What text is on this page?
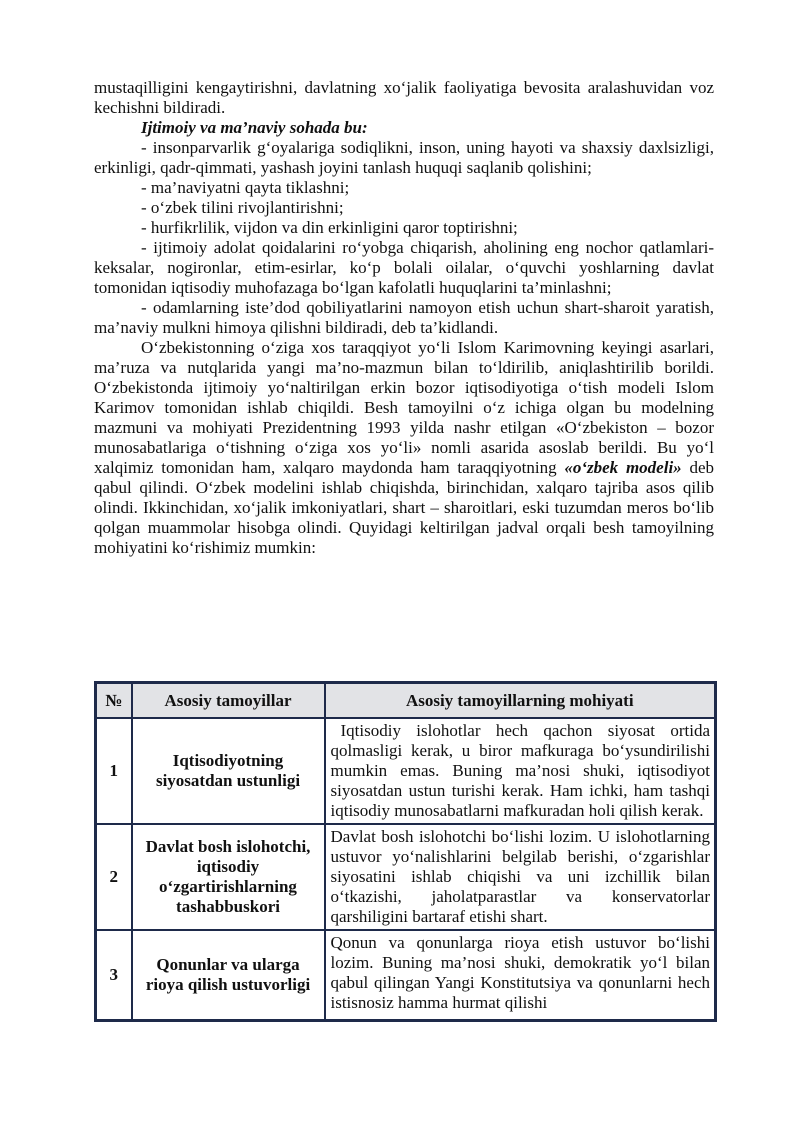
mustaqilligini kengaytirishni, davlatning xo‘jalik faoliyatiga bevosita aralashuvidan voz kechishni bildiradi.

Ijtimoiy va ma’naviy sohada bu:

- insonparvarlik g‘oyalariga sodiqlikni, inson, uning hayoti va shaxsiy daxlsizligi, erkinligi, qadr-qimmati, yashash joyini tanlash huquqi saqlanib qolishini;

- ma’naviyatni qayta tiklashni;

- o‘zbek tilini rivojlantirishni;

- hurfikrlilik, vijdon va din erkinligini qaror toptirishni;

- ijtimoiy adolat qoidalarini ro‘yobga chiqarish, aholining eng nochor qatlamlari-keksalar, nogironlar, etim-esirlar, ko‘p bolali oilalar, o‘quvchi yoshlarning davlat tomonidan iqtisodiy muhofazaga bo‘lgan kafolatli huquqlarini ta’minlashni;

- odamlarning iste’dod qobiliyatlarini namoyon etish uchun shart-sharoit yaratish, ma’naviy mulkni himoya qilishni bildiradi, deb ta’kidlandi.

O‘zbekistonning o‘ziga xos taraqqiyot yo‘li Islom Karimovning keyingi asarlari, ma’ruza va nutqlarida yangi ma’no-mazmun bilan to‘ldirilib, aniqlashtirilib borildi. O‘zbekistonda ijtimoiy yo‘naltirilgan erkin bozor iqtisodiyotiga o‘tish modeli Islom Karimov tomonidan ishlab chiqildi. Besh tamoyilni o‘z ichiga olgan bu modelning mazmuni va mohiyati Prezidentning 1993 yilda nashr etilgan «O‘zbekiston – bozor munosabatlariga o‘tishning o‘ziga xos yo‘li» nomli asarida asoslab berildi. Bu yo‘l xalqimiz tomonidan ham, xalqaro maydonda ham taraqqiyotning «o‘zbek modeli» deb qabul qilindi. O‘zbek modelini ishlab chiqishda, birinchidan, xalqaro tajriba asos qilib olindi. Ikkinchidan, xo‘jalik imkoniyatlari, shart – sharoitlari, eski tuzumdan meros bo‘lib qolgan muammolar hisobga olindi. Quyidagi keltirilgan jadval orqali besh tamoyilning mohiyatini ko‘rishimiz mumkin:

№	Asosiy tamoyillar	Asosiy tamoyillarning mohiyati
1	Iqtisodiyotning siyosatdan ustunligi	Iqtisodiy islohotlar hech qachon siyosat ortida qolmasligi kerak, u biror mafkuraga bo‘ysundirilishi mumkin emas. Buning ma’nosi shuki, iqtisodiyot siyosatdan ustun turishi kerak. Ham ichki, ham tashqi iqtisodiy munosabatlarni mafkuradan holi qilish kerak.
2	Davlat bosh islohotchi, iqtisodiy o‘zgartirishlarning tashabbuskori	Davlat bosh islohotchi bo‘lishi lozim. U islohotlarning ustuvor yo‘nalishlarini belgilab berishi, o‘zgarishlar siyosatini ishlab chiqishi va uni izchillik bilan o‘tkazishi, jaholatparastlar va konservatorlar qarshiligini bartaraf etishi shart.
3	Qonunlar va ularga rioya qilish ustuvorligi	Qonun va qonunlarga rioya etish ustuvor bo‘lishi lozim. Buning ma’nosi shuki, demokratik yo‘l bilan qabul qilingan Yangi Konstitutsiya va qonunlarni hech istisnosiz hamma hurmat qilishi
